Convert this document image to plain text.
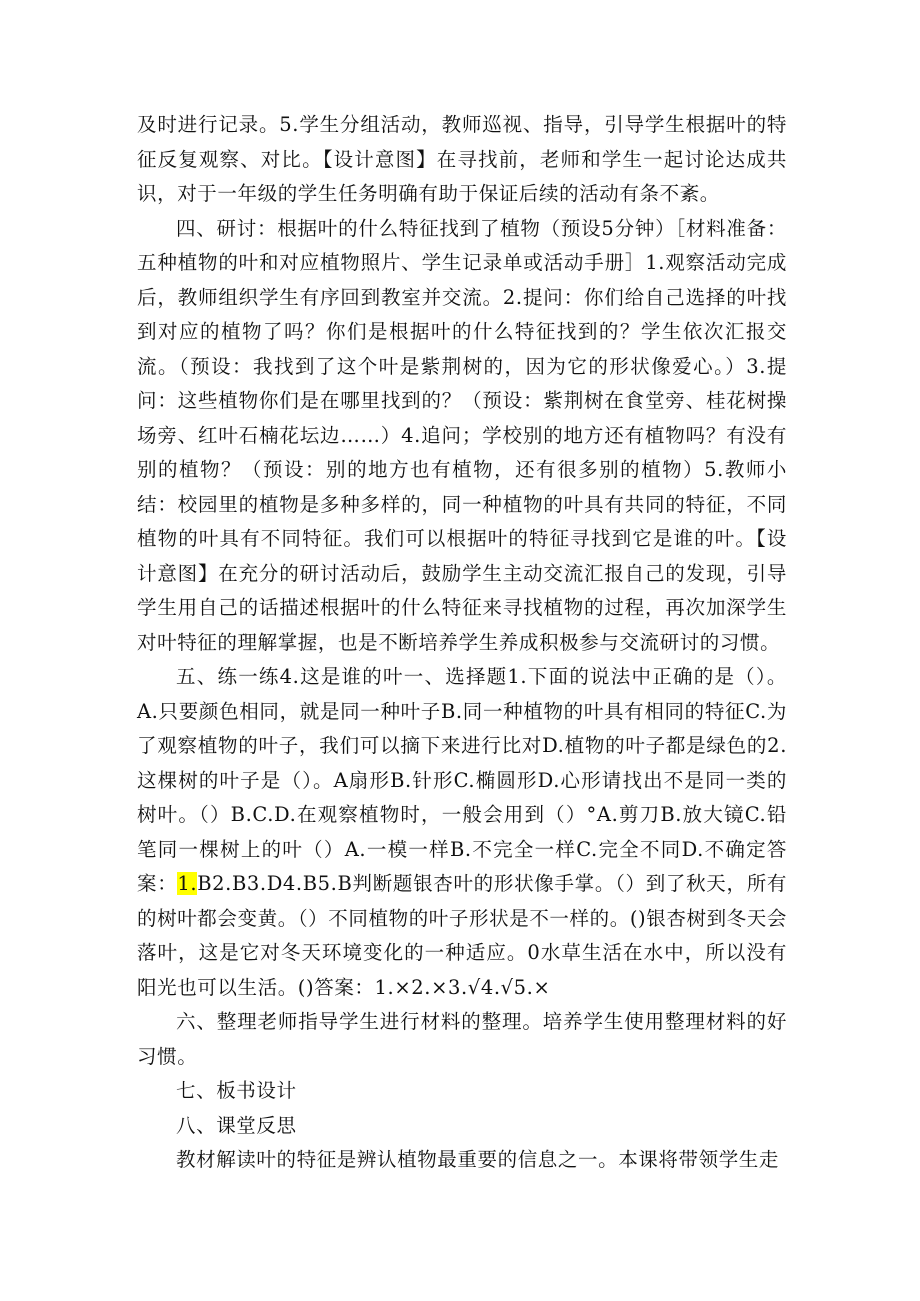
及时进行记录。5.学生分组活动，教师巡视、指导，引导学生根据叶的特征反复观察、对比。【设计意图】在寻找前，老师和学生一起讨论达成共识，对于一年级的学生任务明确有助于保证后续的活动有条不紊。

四、研讨：根据叶的什么特征找到了植物（预设5分钟）［材料准备：五种植物的叶和对应植物照片、学生记录单或活动手册］1.观察活动完成后，教师组织学生有序回到教室并交流。2.提问：你们给自己选择的叶找到对应的植物了吗？你们是根据叶的什么特征找到的？学生依次汇报交流。（预设：我找到了这个叶是紫荆树的，因为它的形状像爱心。）3.提问：这些植物你们是在哪里找到的？（预设：紫荆树在食堂旁、桂花树操场旁、红叶石楠花坛边……）4.追问；学校别的地方还有植物吗？有没有别的植物？（预设：别的地方也有植物，还有很多别的植物）5.教师小结：校园里的植物是多种多样的，同一种植物的叶具有共同的特征，不同植物的叶具有不同特征。我们可以根据叶的特征寻找到它是谁的叶。【设计意图】在充分的研讨活动后，鼓励学生主动交流汇报自己的发现，引导学生用自己的话描述根据叶的什么特征来寻找植物的过程，再次加深学生对叶特征的理解掌握，也是不断培养学生养成积极参与交流研讨的习惯。

五、练一练4.这是谁的叶一、选择题1.下面的说法中正确的是（）。A.只要颜色相同，就是同一种叶子B.同一种植物的叶具有相同的特征C.为了观察植物的叶子，我们可以摘下来进行比对D.植物的叶子都是绿色的2.这棵树的叶子是（）。A扇形B.针形C.椭圆形D.心形请找出不是同一类的树叶。（）B.C.D.在观察植物时，一般会用到（）°A.剪刀B.放大镜C.铅笔同一棵树上的叶（）A.一模一样B.不完全一样C.完全不同D.不确定答案：1.B2.B3.D4.B5.B判断题银杏叶的形状像手掌。（）到了秋天，所有的树叶都会变黄。（）不同植物的叶子形状是不一样的。()银杏树到冬天会落叶，这是它对冬天环境变化的一种适应。0水草生活在水中，所以没有阳光也可以生活。()答案：1.×2.×3.√4.√5.×

六、整理老师指导学生进行材料的整理。培养学生使用整理材料的好习惯。

七、板书设计

八、课堂反思

教材解读叶的特征是辨认植物最重要的信息之一。本课将带领学生走
